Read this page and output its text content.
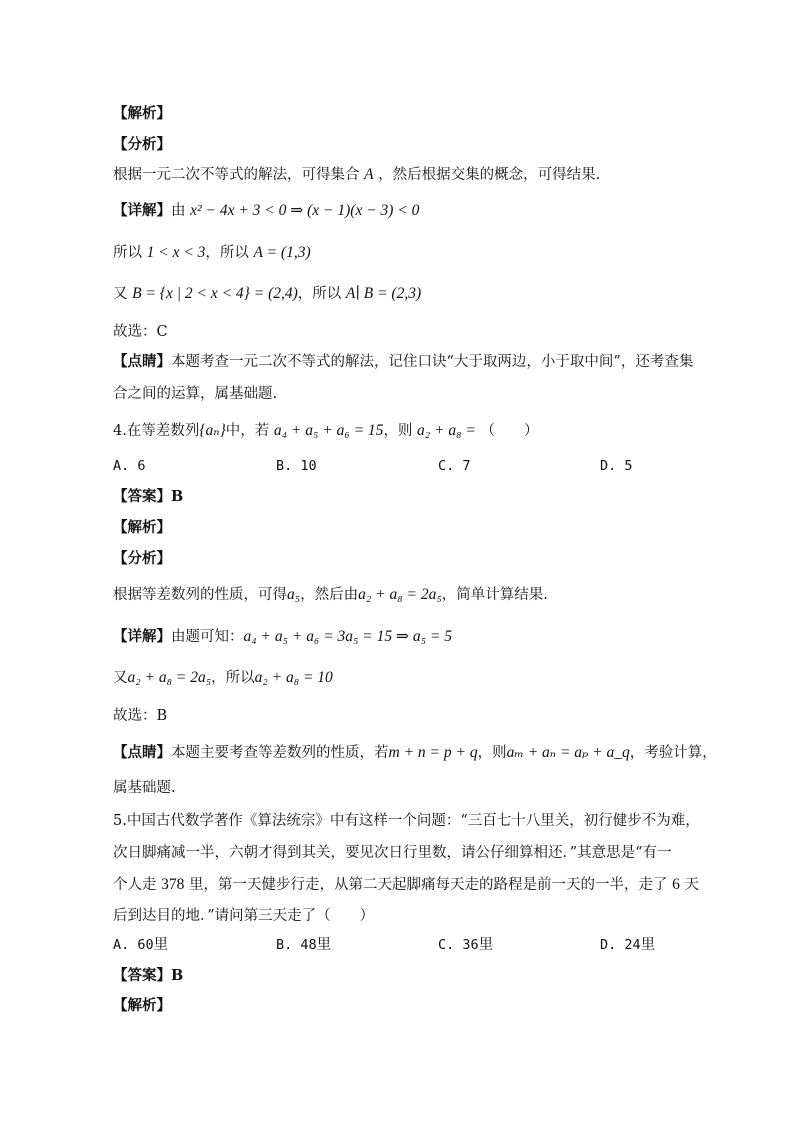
【解析】
【分析】
根据一元二次不等式的解法，可得集合 A ，然后根据交集的概念，可得结果.
【详解】由 x² − 4x + 3 < 0 ⇒ (x − 1)(x − 3) < 0
所以 1 < x < 3，所以 A = (1,3)
又 B = {x | 2 < x < 4} = (2,4)，所以 A∣ B = (2,3)
故选：C
【点睛】本题考查一元二次不等式的解法，记住口诀“大于取两边，小于取中间”，还考查集
合之间的运算，属基础题.
4.在等差数列{aₙ}中，若 a₄ + a₅ + a₆ = 15，则 a₂ + a₈ = （　　）
A. 6	B. 10	C. 7	D. 5
【答案】B
【解析】
【分析】
根据等差数列的性质，可得a₅，然后由a₂ + a₈ = 2a₅，简单计算结果.
【详解】由题可知：a₄ + a₅ + a₆ = 3a₅ = 15 ⇒ a₅ = 5
又a₂ + a₈ = 2a₅，所以a₂ + a₈ = 10
故选：B
【点睛】本题主要考查等差数列的性质，若m + n = p + q，则aₘ + aₙ = aₚ + a_q，考验计算，
属基础题.
5.中国古代数学著作《算法统宗》中有这样一个问题：“三百七十八里关，初行健步不为难，
次日脚痛减一半，六朝才得到其关，要见次日行里数，请公仔细算相还．”其意思是“有一
个人走 378 里，第一天健步行走，从第二天起脚痛每天走的路程是前一天的一半，走了 6 天
后到达目的地．”请问第三天走了（　　）
A. 60里	B. 48里	C. 36里	D. 24里
【答案】B
【解析】
